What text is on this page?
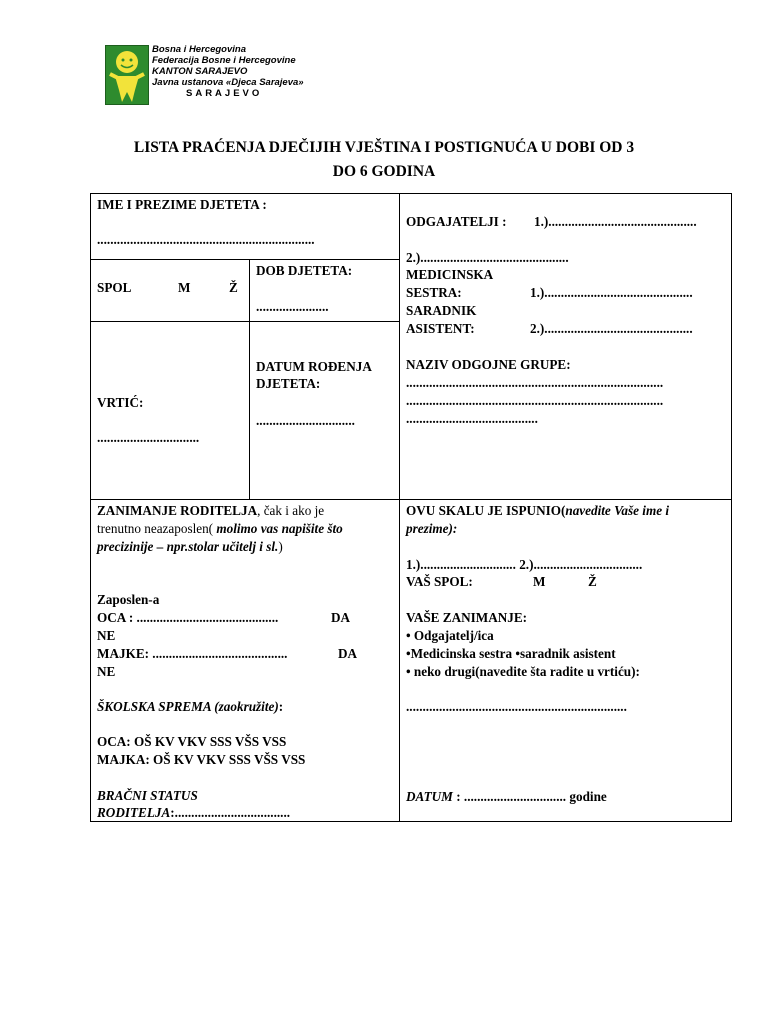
Bosna i Hercegovina
Federacija Bosne i Hercegovine
KANTON SARAJEVO
Javna ustanova «Djeca Sarajeva»
SARAJEVO
LISTA PRAĆENJA DJEČIJIH VJEŠTINA I POSTIGNUĆA U DOBI OD 3
DO 6 GODINA
IME I PREZIME DJETETA :
..................................................................
SPOL	M	Ž
DOB DJETETA:
......................
DATUM ROĐENJA
DJETETA:
..............................
VRTIĆ:
...............................
ODGAJATELJI : 1.).............................................
2.).............................................
MEDICINSKA
SESTRA:	1.).............................................
SARADNIK
ASISTENT:	2.).............................................
NAZIV ODGOJNE GRUPE:
..............................................................................
..............................................................................
........................................
ZANIMANJE RODITELJA, čak i ako je
trenutno neazaposlen( molimo vas napišite što
precizinije – npr.stolar učitelj i sl.)
Zaposlen-a
OCA : ...........................................	DA
NE
MAJKE: .........................................	DA
NE
ŠKOLSKA SPREMA (zaokružite):
OCA: OŠ KV VKV SSS VŠS VSS
MAJKA: OŠ KV VKV SSS VŠS VSS
BRAČNI STATUS
RODITELJA:...................................
OVU SKALU JE ISPUNIO(navedite Vaše ime i
prezime):
1.)............................. 2.).................................
VAŠ SPOL:	M	Ž
VAŠE ZANIMANJE:
• Odgajatelj/ica
•Medicinska sestra •saradnik asistent
• neko drugi(navedite šta radite u vrtiću):
...................................................................
DATUM : ............................... godine
